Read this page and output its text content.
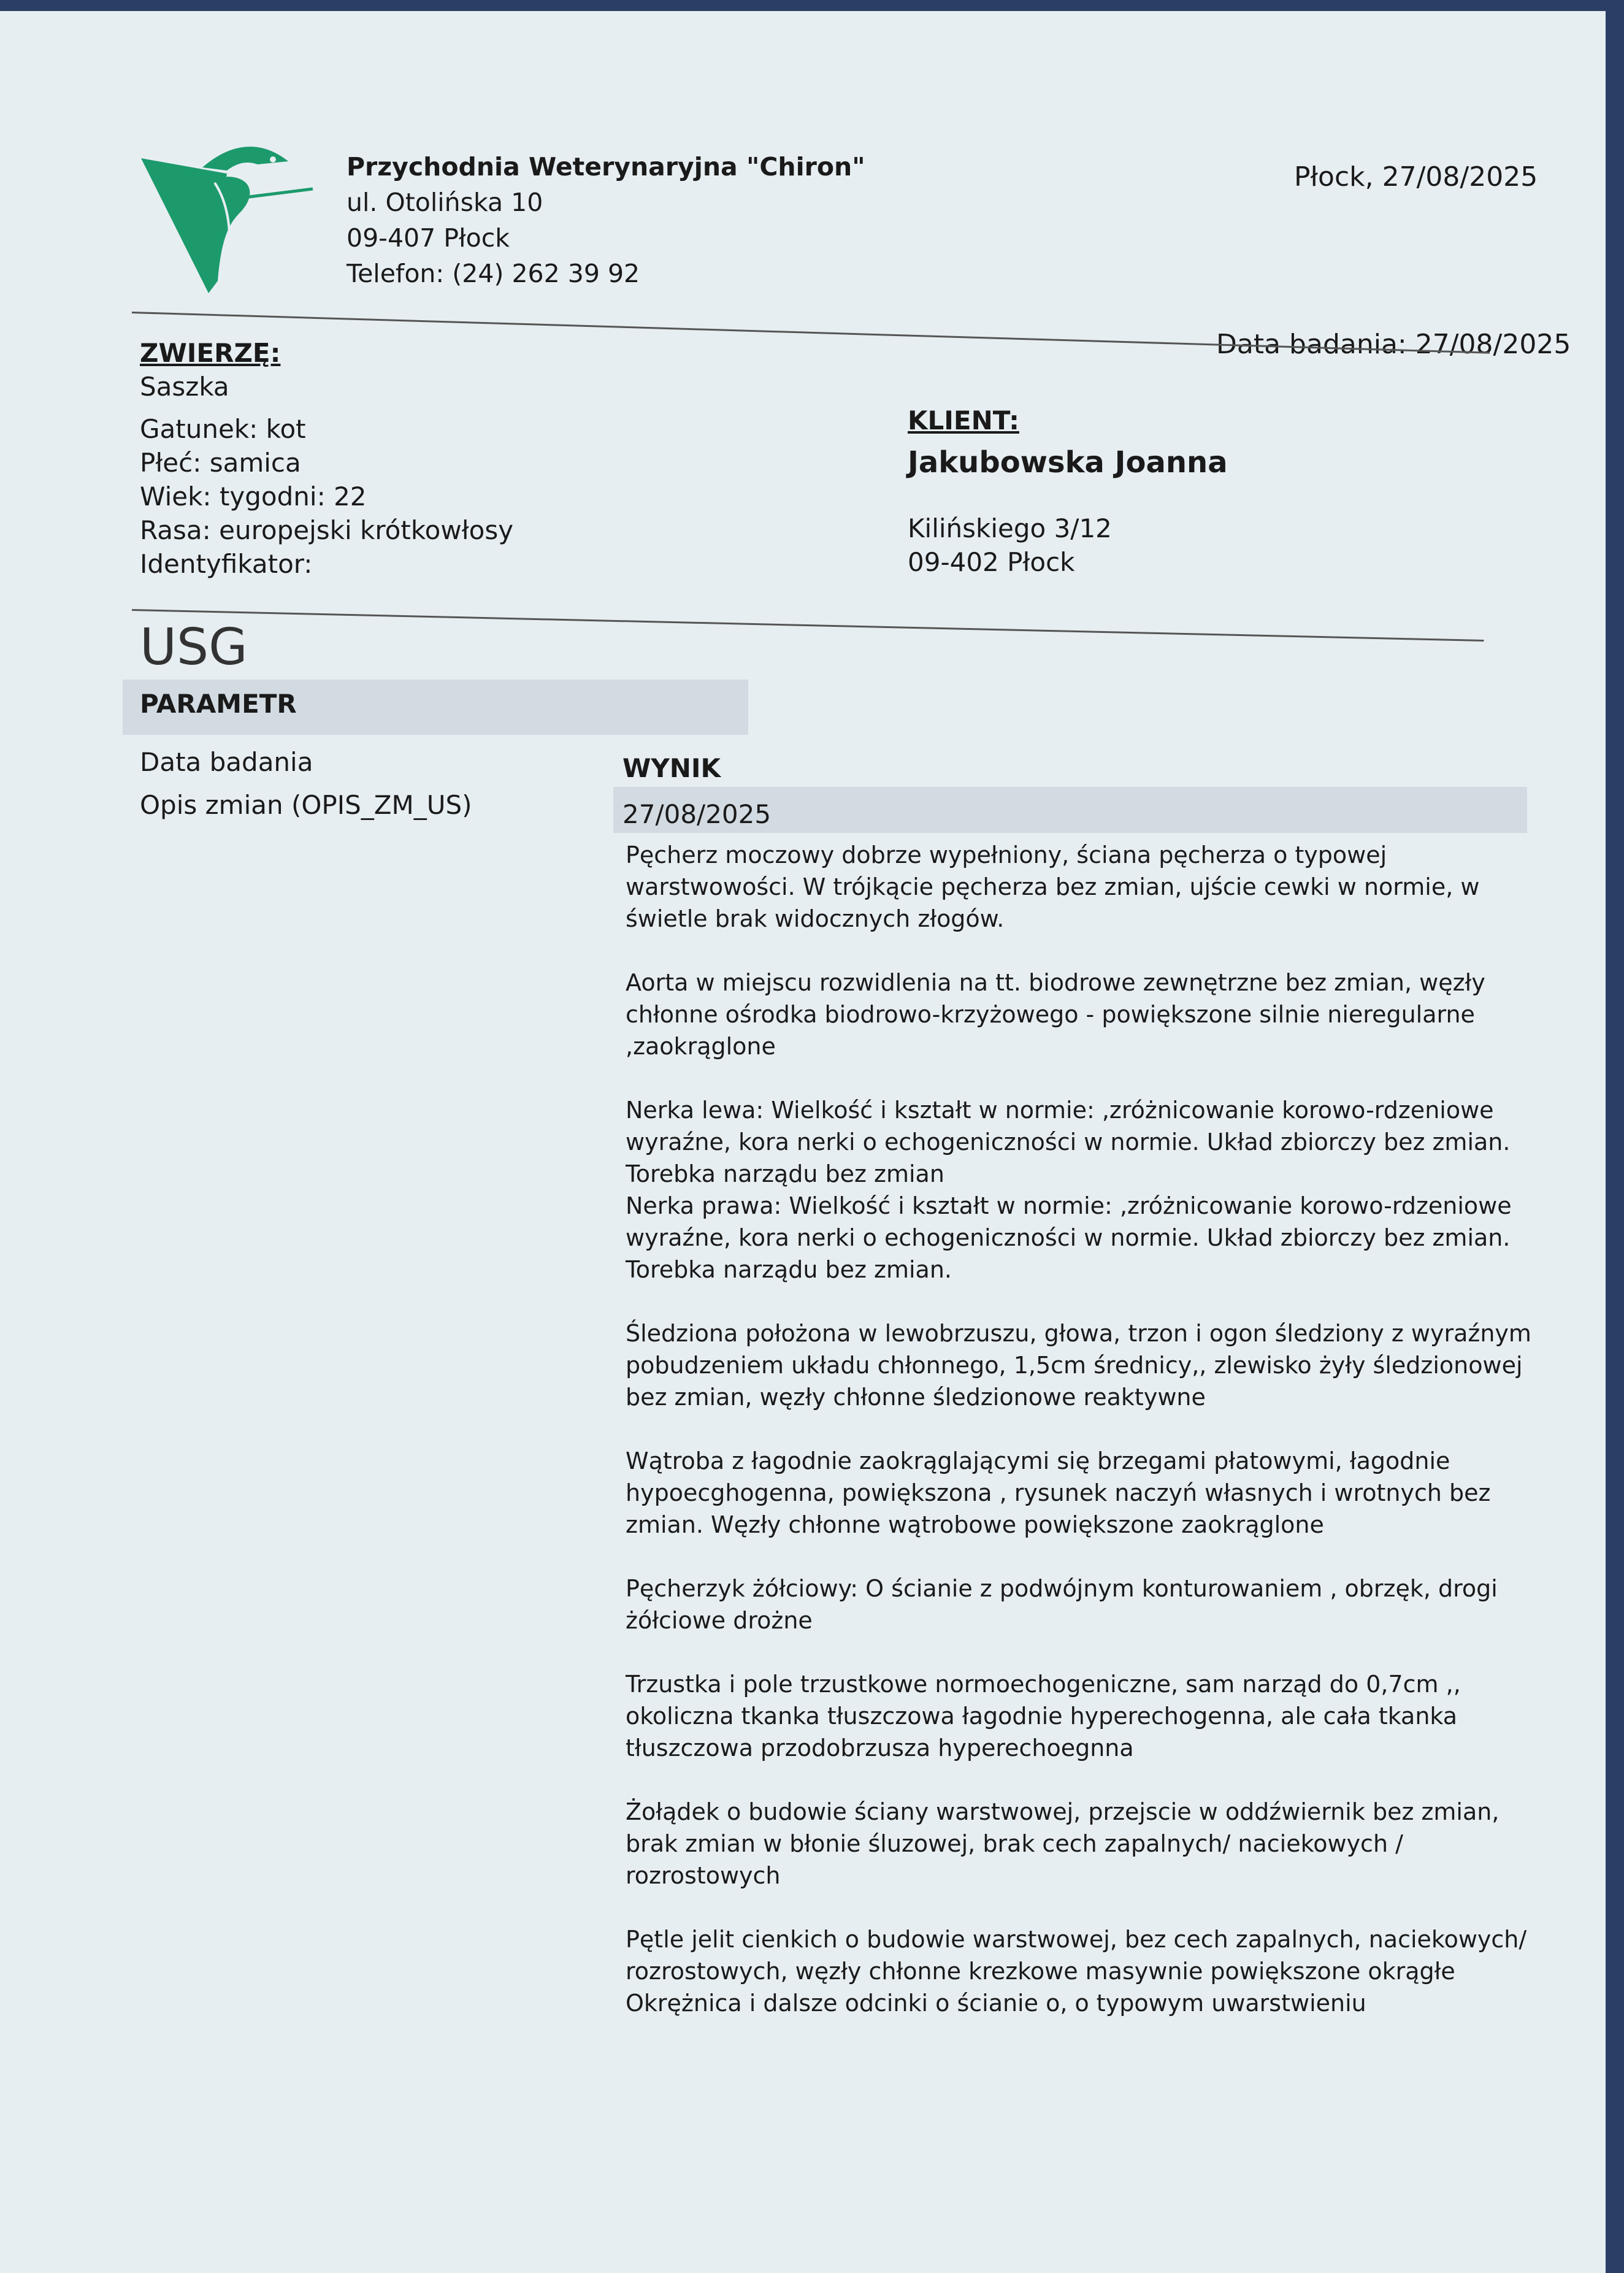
Przychodnia Weterynaryjna "Chiron"
ul. Otolińska 10
09-407 Płock
Telefon: (24) 262 39 92
Płock, 27/08/2025
Data badania: 27/08/2025
ZWIERZĘ:
Saszka
Gatunek: kot
Płeć: samica
Wiek: tygodni: 22
Rasa: europejski krótkowłosy
Identyfikator:
KLIENT:
Jakubowska Joanna
Kilińskiego 3/12
09-402 Płock
USG
PARAMETR
Data badania
Opis zmian (OPIS_ZM_US)
WYNIK
27/08/2025

Pęcherz moczowy dobrze wypełniony, ściana pęcherza o typowej warstwowości. W trójkącie pęcherza bez zmian, ujście cewki w normie, w świetle brak widocznych złogów.

Aorta w miejscu rozwidlenia na tt. biodrowe zewnętrzne bez zmian, węzły chłonne ośrodka biodrowo-krzyżowego - powiększone silnie nieregularne ,zaokrąglone

Nerka lewa: Wielkość i kształt w normie: ,zróżnicowanie korowo-rdzeniowe wyraźne, kora nerki o echogeniczności w normie. Układ zbiorczy bez zmian. Torebka narządu bez zmian

Nerka prawa: Wielkość i kształt w normie: ,zróżnicowanie korowo-rdzeniowe wyraźne, kora nerki o echogeniczności w normie. Układ zbiorczy bez zmian. Torebka narządu bez zmian.

Śledziona położona w lewobrzuszu, głowa, trzon i ogon śledziony z wyraźnym pobudzeniem układu chłonnego, 1,5cm średnicy,, zlewisko żyły śledzionowej bez zmian, węzły chłonne śledzionowe reaktywne

Wątroba z łagodnie zaokrąglającymi się brzegami płatowymi, łagodnie hypoecghogenna, powiększona , rysunek naczyń własnych i wrotnych bez zmian. Węzły chłonne wątrobowe powiększone zaokrąglone

Pęcherzyk żółciowy: O ścianie z podwójnym konturowaniem , obrzęk, drogi żółciowe drożne

Trzustka i pole trzustkowe normoechogeniczne, sam narząd do 0,7cm ,, okoliczna tkanka tłuszczowa łagodnie hyperechogenna, ale cała tkanka tłuszczowa przodobrzusza hyperechoegnna

Żołądek o budowie ściany warstwowej, przejscie w oddźwiernik bez zmian, brak zmian w błonie śluzowej, brak cech zapalnych/ naciekowych / rozrostowych

Pętle jelit cienkich o budowie warstwowej, bez cech zapalnych, naciekowych/ rozrostowych, węzły chłonne krezkowe masywnie powiększone okrągłe

Okrężnica i dalsze odcinki o ścianie o, o typowym uwarstwieniu
